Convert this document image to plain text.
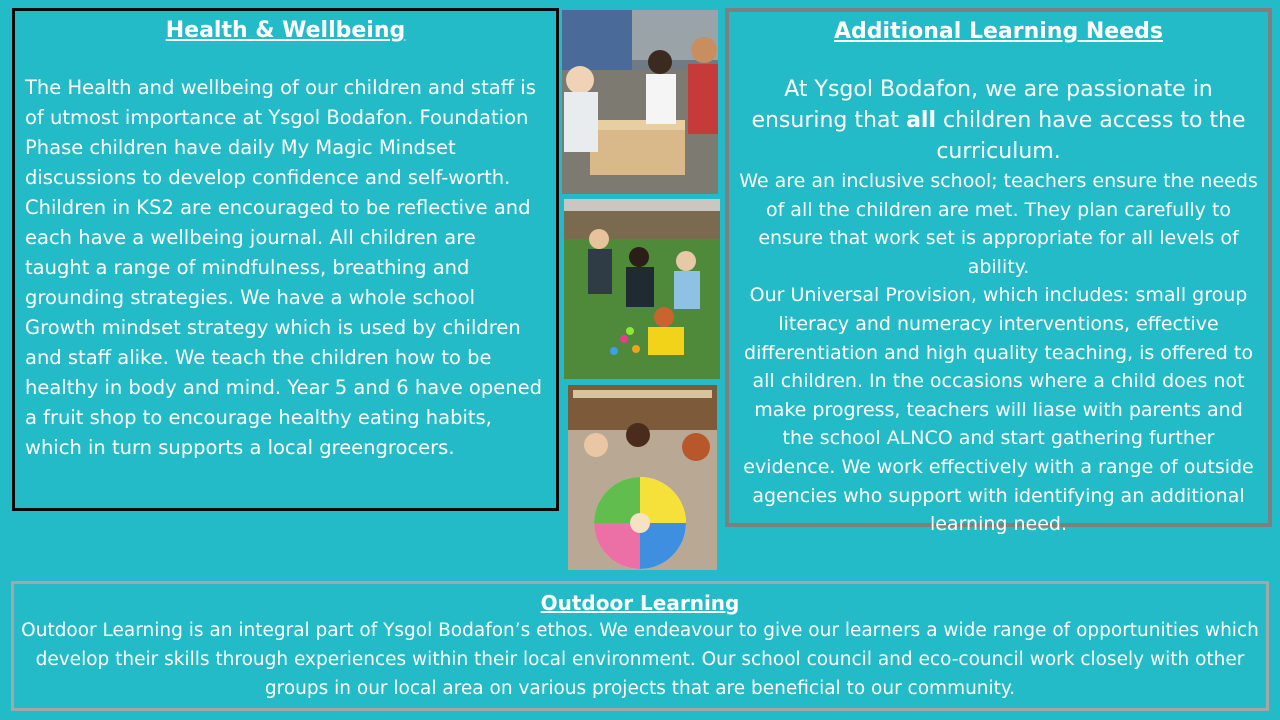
Health & Wellbeing

The Health and wellbeing of our children and staff is of utmost importance at Ysgol Bodafon. Foundation Phase children have daily My Magic Mindset discussions to develop confidence and self-worth. Children in KS2 are encouraged to be reflective and each have a wellbeing journal. All children are taught a range of mindfulness, breathing and grounding strategies. We have a whole school Growth mindset strategy which is used by children and staff alike. We teach the children how to be healthy in body and mind. Year 5 and 6 have opened a fruit shop to encourage healthy eating habits, which in turn supports a local greengrocers.

Additional Learning Needs

At Ysgol Bodafon, we are passionate in ensuring that all children have access to the curriculum.

We are an inclusive school; teachers ensure the needs of all the children are met. They plan carefully to ensure that work set is appropriate for all levels of ability.

Our Universal Provision, which includes: small group literacy and numeracy interventions, effective differentiation and high quality teaching, is offered to all children. In the occasions where a child does not make progress, teachers will liase with parents and the school ALNCO and start gathering further evidence. We work effectively with a range of outside agencies who support with identifying an additional learning need.

Outdoor Learning

Outdoor Learning is an integral part of Ysgol Bodafon’s ethos. We endeavour to give our learners a wide range of opportunities which develop their skills through experiences within their local environment. Our school council and eco-council work closely with other groups in our local area on various projects that are beneficial to our community.
